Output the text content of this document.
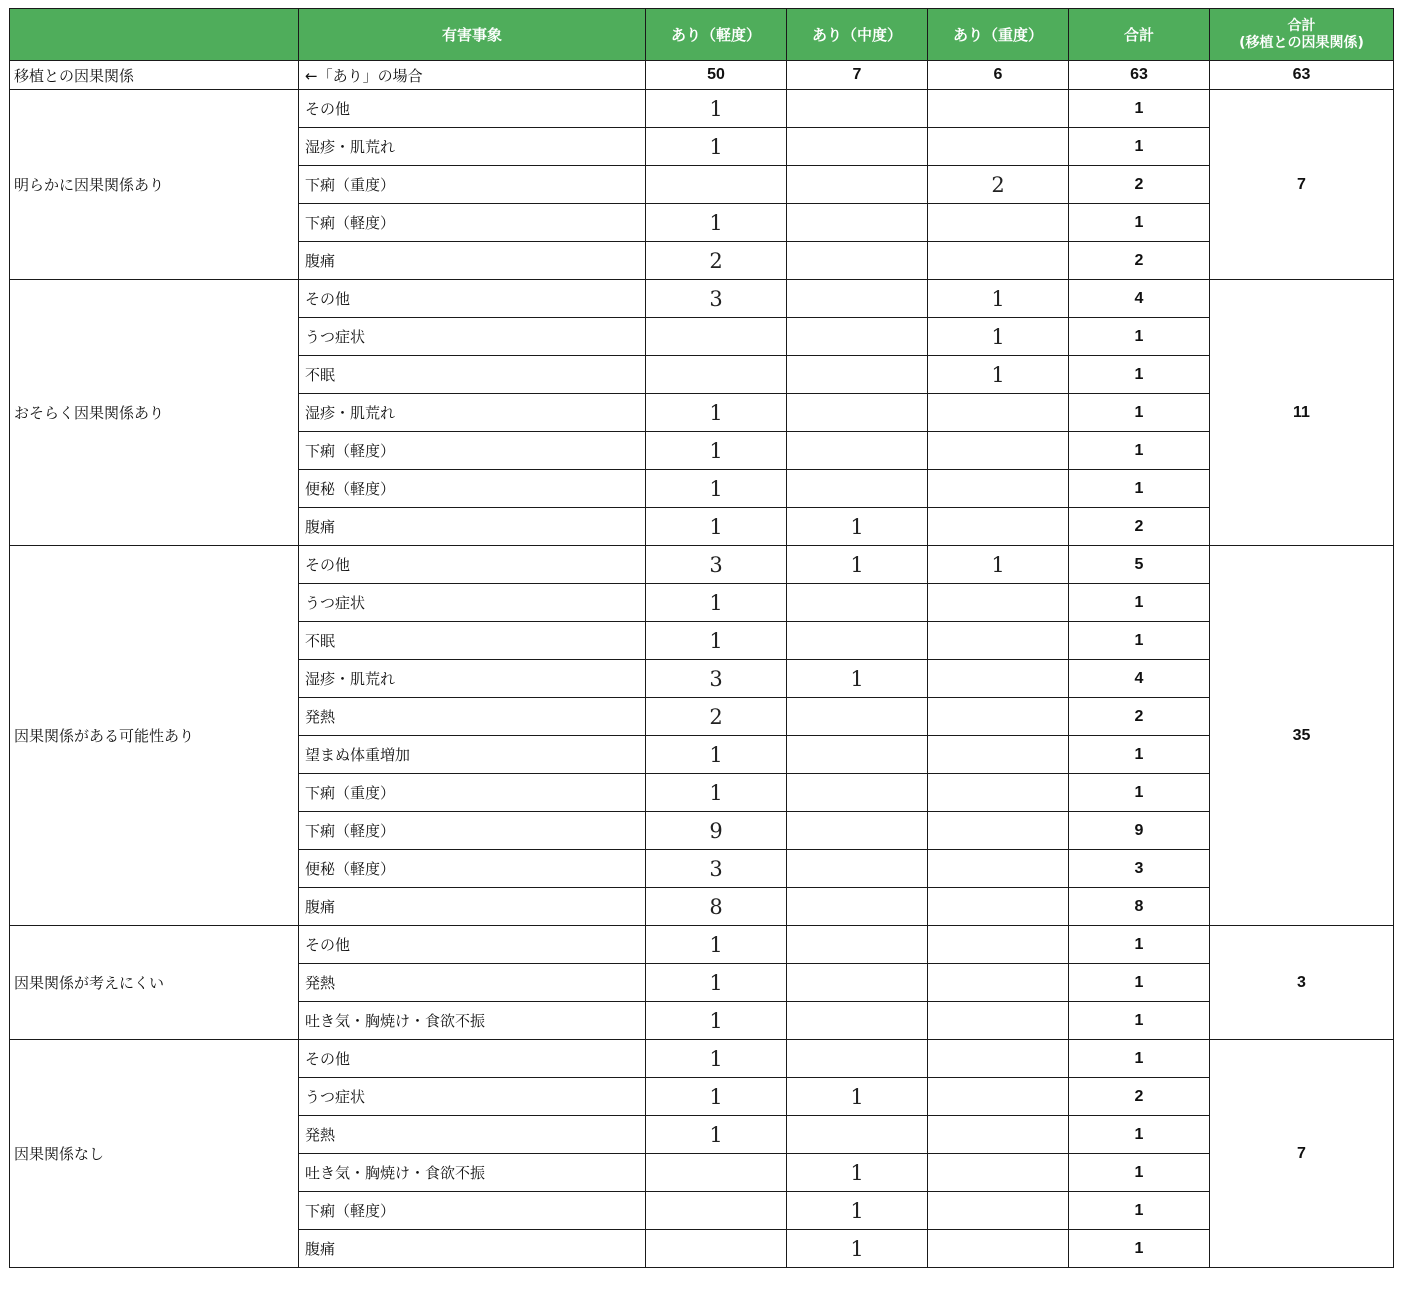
	有害事象	あり（軽度）	あり（中度）	あり（重度）	合計	合計
(移植との因果関係)
移植との因果関係	←「あり」の場合	50	7	6	63	63
明らかに因果関係あり	その他	1			1	7
	湿疹・肌荒れ	1			1	
	下痢（重度）			2	2	
	下痢（軽度）	1			1	
	腹痛	2			2	
おそらく因果関係あり	その他	3		1	4	11
	うつ症状			1	1	
	不眠			1	1	
	湿疹・肌荒れ	1			1	
	下痢（軽度）	1			1	
	便秘（軽度）	1			1	
	腹痛	1	1		2	
因果関係がある可能性あり	その他	3	1	1	5	35
	うつ症状	1			1	
	不眠	1			1	
	湿疹・肌荒れ	3	1		4	
	発熱	2			2	
	望まぬ体重増加	1			1	
	下痢（重度）	1			1	
	下痢（軽度）	9			9	
	便秘（軽度）	3			3	
	腹痛	8			8	
因果関係が考えにくい	その他	1			1	3
	発熱	1			1	
	吐き気・胸焼け・食欲不振	1			1	
因果関係なし	その他	1			1	7
	うつ症状	1	1		2	
	発熱	1			1	
	吐き気・胸焼け・食欲不振		1		1	
	下痢（軽度）		1		1	
	腹痛		1		1	
